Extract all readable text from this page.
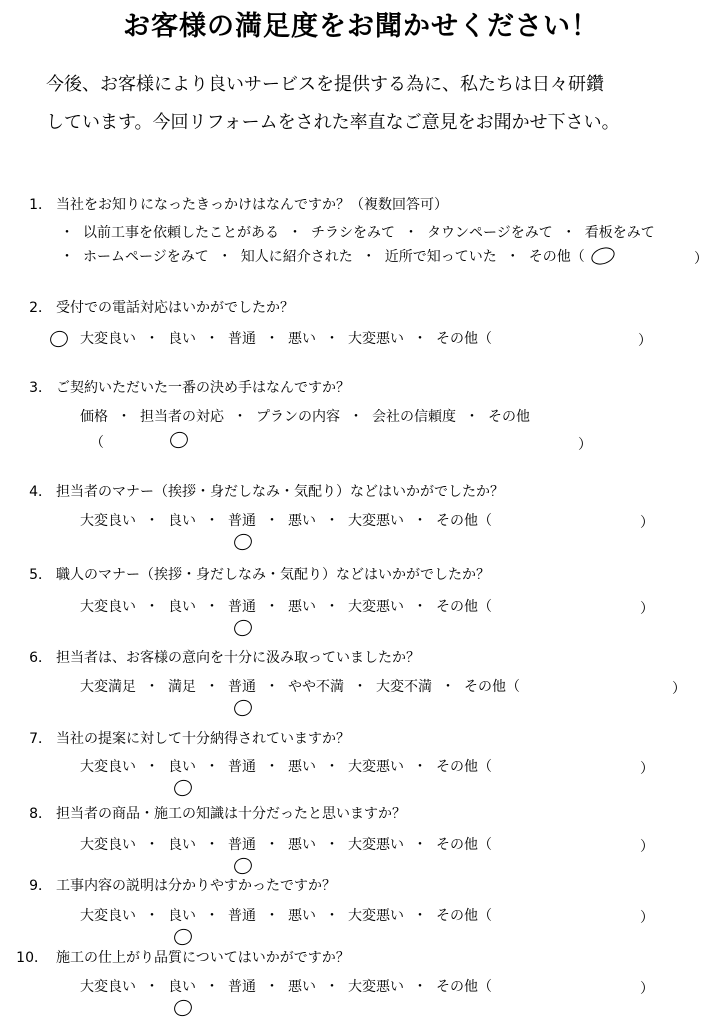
お客様の満足度をお聞かせください！
今後、お客様により良いサービスを提供する為に、私たちは日々研鑽
しています。今回リフォームをされた率直なご意見をお聞かせ下さい。
1． 当社をお知りになったきっかけはなんですか？（複数回答可）
・ 以前工事を依頼したことがある ・ チラシをみて ・ タウンページをみて ・ 看板をみて
・ ホームページをみて ・ 知人に紹介された ・ 近所で知っていた ・ その他（	）
2． 受付での電話対応はいかがでしたか？
大変良い ・ 良い ・ 普通 ・ 悪い ・ 大変悪い ・ その他（	）
3． ご契約いただいた一番の決め手はなんですか？
価格 ・ 担当者の対応 ・ プランの内容 ・ 会社の信頼度 ・ その他
（	）
4． 担当者のマナー（挨拶・身だしなみ・気配り）などはいかがでしたか？
大変良い ・ 良い ・ 普通 ・ 悪い ・ 大変悪い ・ その他（	）
5． 職人のマナー（挨拶・身だしなみ・気配り）などはいかがでしたか？
大変良い ・ 良い ・ 普通 ・ 悪い ・ 大変悪い ・ その他（	）
6． 担当者は、お客様の意向を十分に汲み取っていましたか？
大変満足 ・ 満足 ・ 普通 ・ やや不満 ・ 大変不満 ・ その他（	）
7． 当社の提案に対して十分納得されていますか？
大変良い ・ 良い ・ 普通 ・ 悪い ・ 大変悪い ・ その他（	）
8． 担当者の商品・施工の知識は十分だったと思いますか？
大変良い ・ 良い ・ 普通 ・ 悪い ・ 大変悪い ・ その他（	）
9． 工事内容の説明は分かりやすかったですか？
大変良い ・ 良い ・ 普通 ・ 悪い ・ 大変悪い ・ その他（	）
10． 施工の仕上がり品質についてはいかがですか？
大変良い ・ 良い ・ 普通 ・ 悪い ・ 大変悪い ・ その他（	）
